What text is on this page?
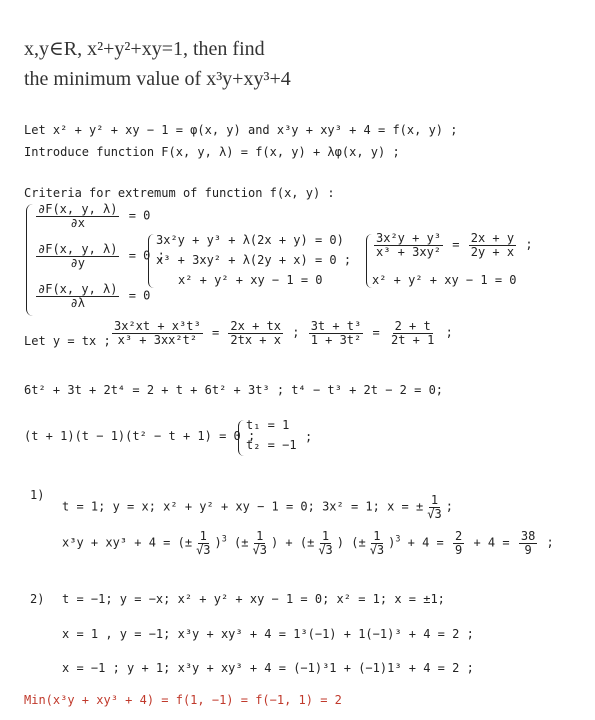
x,y∈R, x²+y²+xy=1, then find
the minimum value of x³y+xy³+4
Let x² + y² + xy − 1 = φ(x, y) and x³y + xy³ + 4 = f(x, y) ;
Introduce function F(x, y, λ) = f(x, y) + λφ(x, y) ;
Criteria for extremum of function f(x, y) :
$\frac{\partial F(x, y, \lambda)}{\partial x} = 0$
$\frac{\partial F(x, y, \lambda)}{\partial y} = 0$ ;
$\frac{\partial F(x, y, \lambda)}{\partial\lambda} = 0$
3x²y + y³ + λ(2x + y) = 0)
x³ + 3xy² + λ(2y + x) = 0 ;
x² + y² + xy − 1 = 0
$\frac{\text{3x²y + y³}}{\text{x³ + 3xy²}} = \frac{2x + y}{2y + x}$ ;
x² + y² + xy − 1 = 0
Let y = tx ; $\frac{\text{3x²xt + x³t³}}{\text{x³ + 3xx²t²}} = \frac{2x + tx}{2tx + x}$ ; $\frac{\text{3t + t³}}{\text{1 + 3t²}} = \frac{2 + t}{2t + 1}$ ;
6t² + 3t + 2t⁴ = 2 + t + 6t² + 3t³ ; t⁴ − t³ + 2t − 2 = 0;
(t + 1)(t − 1)(t² − t + 1) = 0 ;
t₁ = 1
t₂ = −1
;
1)
t = 1; y = x; x² + y² + xy − 1 = 0; 3x² = 1; x = ± $\frac{1}{√3}$ ;
x³y + xy³ + 4 = (± $\frac{1}{√3} )^3$ (± $\frac{1}{√3}$ ) + (± $\frac{1}{√3}$ ) (± $\frac{1}{√3} )^3 + 4 = \frac{2}{9} + 4 = \frac{38}{9}$ ;
2) t = −1; y = −x; x² + y² + xy − 1 = 0; x² = 1; x = ±1;
x = 1 , y = −1; x³y + xy³ + 4 = 1³(−1) + 1(−1)³ + 4 = 2 ;
x = −1 ; y + 1; x³y + xy³ + 4 = (−1)³1 + (−1)1³ + 4 = 2 ;
Min(x³y + xy³ + 4) = f(1, −1) = f(−1, 1) = 2
